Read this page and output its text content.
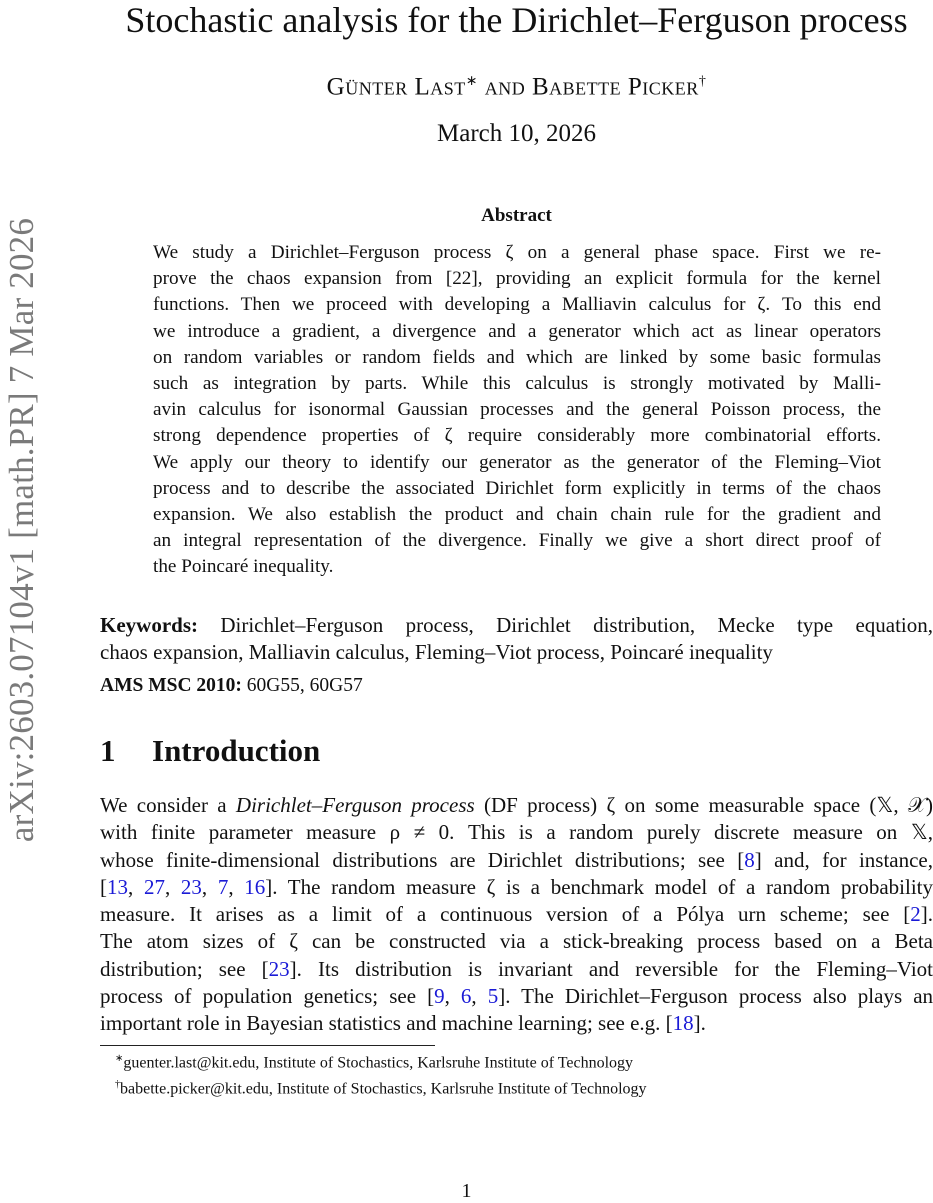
arXiv:2603.07104v1 [math.PR] 7 Mar 2026
Stochastic analysis for the Dirichlet–Ferguson process
Günter Last∗ and Babette Picker†
March 10, 2026
Abstract
We study a Dirichlet–Ferguson process ζ on a general phase space. First we re-
prove the chaos expansion from [22], providing an explicit formula for the kernel
functions. Then we proceed with developing a Malliavin calculus for ζ. To this end
we introduce a gradient, a divergence and a generator which act as linear operators
on random variables or random fields and which are linked by some basic formulas
such as integration by parts. While this calculus is strongly motivated by Malli-
avin calculus for isonormal Gaussian processes and the general Poisson process, the
strong dependence properties of ζ require considerably more combinatorial efforts.
We apply our theory to identify our generator as the generator of the Fleming–Viot
process and to describe the associated Dirichlet form explicitly in terms of the chaos
expansion. We also establish the product and chain chain rule for the gradient and
an integral representation of the divergence. Finally we give a short direct proof of
the Poincaré inequality.
Keywords: Dirichlet–Ferguson process, Dirichlet distribution, Mecke type equation,
chaos expansion, Malliavin calculus, Fleming–Viot process, Poincaré inequality
AMS MSC 2010: 60G55, 60G57
1 Introduction
We consider a Dirichlet–Ferguson process (DF process) ζ on some measurable space (𝕏, 𝒳)
with finite parameter measure ρ ≠ 0. This is a random purely discrete measure on 𝕏,
whose finite-dimensional distributions are Dirichlet distributions; see [8] and, for instance,
[13, 27, 23, 7, 16]. The random measure ζ is a benchmark model of a random probability
measure. It arises as a limit of a continuous version of a Pólya urn scheme; see [2].
The atom sizes of ζ can be constructed via a stick-breaking process based on a Beta
distribution; see [23]. Its distribution is invariant and reversible for the Fleming–Viot
process of population genetics; see [9, 6, 5]. The Dirichlet–Ferguson process also plays an
important role in Bayesian statistics and machine learning; see e.g. [18].
∗guenter.last@kit.edu, Institute of Stochastics, Karlsruhe Institute of Technology
†babette.picker@kit.edu, Institute of Stochastics, Karlsruhe Institute of Technology
1
